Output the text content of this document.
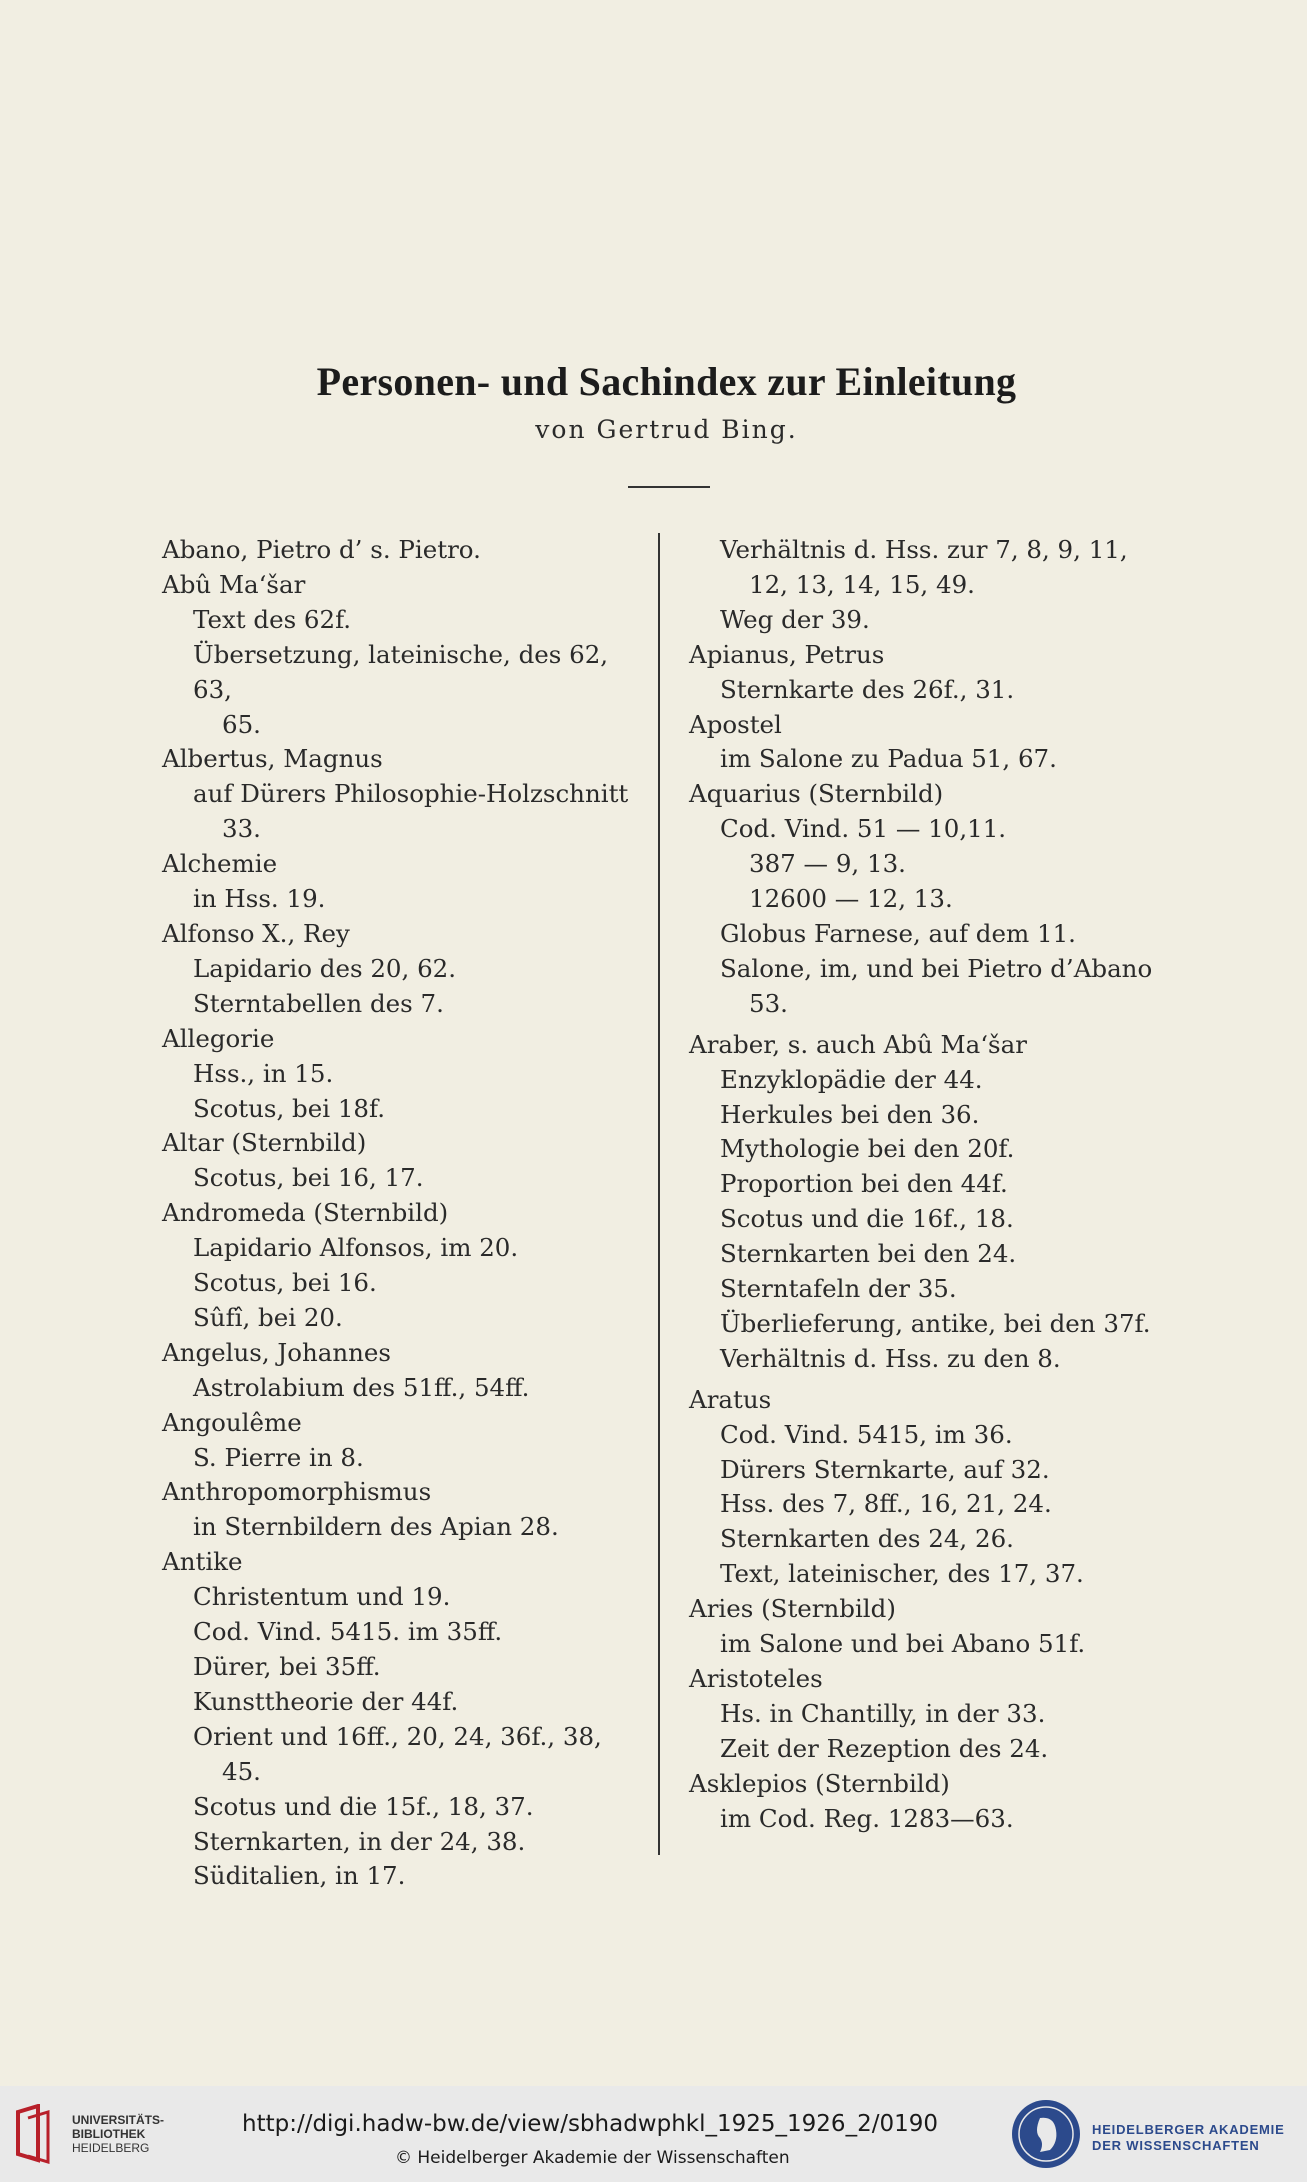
Personen- und Sachindex zur Einleitung
von Gertrud Bing.
Abano, Pietro d’ s. Pietro.
Abû Ma‘šar
Text des 62f.
Übersetzung, lateinische, des 62, 63,
65.
Albertus, Magnus
auf Dürers Philosophie-Holzschnitt
33.
Alchemie
in Hss. 19.
Alfonso X., Rey
Lapidario des 20, 62.
Sterntabellen des 7.
Allegorie
Hss., in 15.
Scotus, bei 18f.
Altar (Sternbild)
Scotus, bei 16, 17.
Andromeda (Sternbild)
Lapidario Alfonsos, im 20.
Scotus, bei 16.
Sûfî, bei 20.
Angelus, Johannes
Astrolabium des 51ff., 54ff.
Angoulême
S. Pierre in 8.
Anthropomorphismus
in Sternbildern des Apian 28.
Antike
Christentum und 19.
Cod. Vind. 5415. im 35ff.
Dürer, bei 35ff.
Kunsttheorie der 44f.
Orient und 16ff., 20, 24, 36f., 38,
45.
Scotus und die 15f., 18, 37.
Sternkarten, in der 24, 38.
Süditalien, in 17.
Verhältnis d. Hss. zur 7, 8, 9, 11,
12, 13, 14, 15, 49.
Weg der 39.
Apianus, Petrus
Sternkarte des 26f., 31.
Apostel
im Salone zu Padua 51, 67.
Aquarius (Sternbild)
Cod. Vind. 51 — 10,11.
387 — 9, 13.
12600 — 12, 13.
Globus Farnese, auf dem 11.
Salone, im, und bei Pietro d’Abano
53.
Araber, s. auch Abû Ma‘šar
Enzyklopädie der 44.
Herkules bei den 36.
Mythologie bei den 20f.
Proportion bei den 44f.
Scotus und die 16f., 18.
Sternkarten bei den 24.
Sterntafeln der 35.
Überlieferung, antike, bei den 37f.
Verhältnis d. Hss. zu den 8.
Aratus
Cod. Vind. 5415, im 36.
Dürers Sternkarte, auf 32.
Hss. des 7, 8ff., 16, 21, 24.
Sternkarten des 24, 26.
Text, lateinischer, des 17, 37.
Aries (Sternbild)
im Salone und bei Abano 51f.
Aristoteles
Hs. in Chantilly, in der 33.
Zeit der Rezeption des 24.
Asklepios (Sternbild)
im Cod. Reg. 1283—63.
UNIVERSITÄTS-
BIBLIOTHEK
HEIDELBERG
http://digi.hadw-bw.de/view/sbhadwphkl_1925_1926_2/0190
© Heidelberger Akademie der Wissenschaften
HEIDELBERGER AKADEMIE
DER WISSENSCHAFTEN
